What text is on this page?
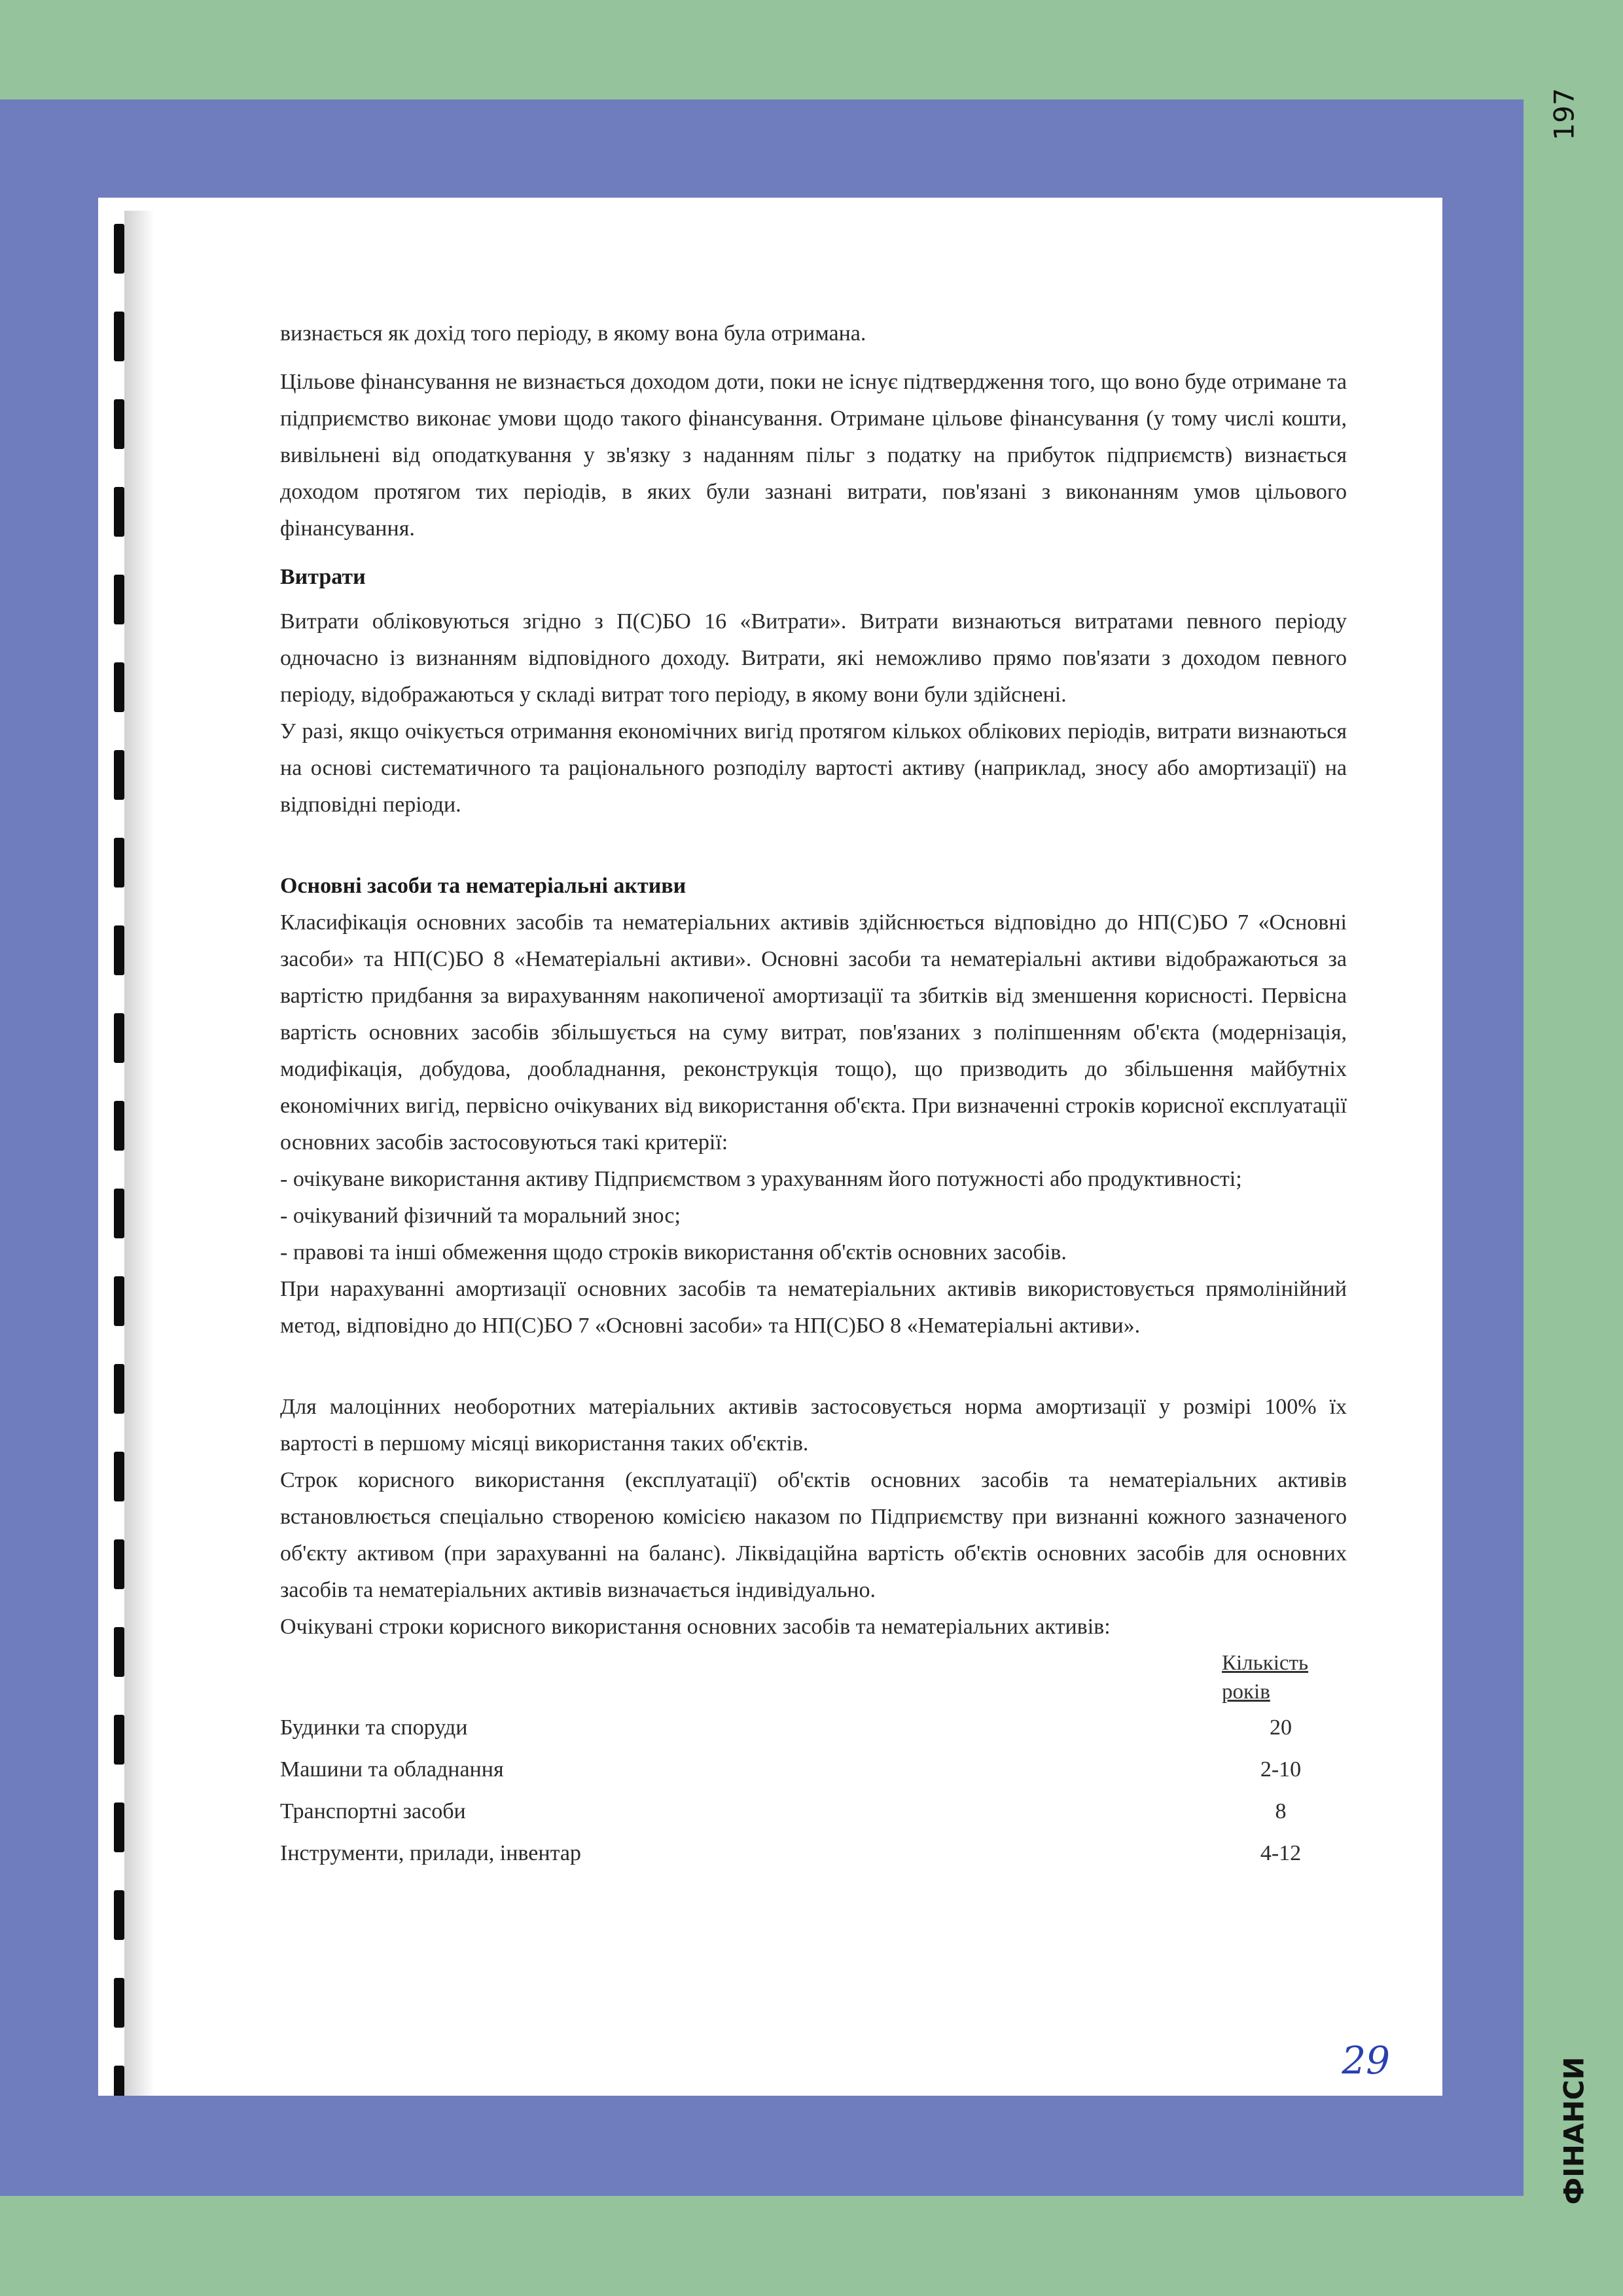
197
ФІНАНСИ

визнається як дохід того періоду, в якому вона була отримана.

Цільове фінансування не визнається доходом доти, поки не існує підтвердження того, що воно буде отримане та підприємство виконає умови щодо такого фінансування. Отримане цільове фінансування (у тому числі кошти, вивільнені від оподаткування у зв'язку з наданням пільг з податку на прибуток підприємств) визнається доходом протягом тих періодів, в яких були зазнані витрати, пов'язані з виконанням умов цільового фінансування.

Витрати

Витрати обліковуються згідно з П(С)БО 16 «Витрати». Витрати визнаються витратами певного періоду одночасно із визнанням відповідного доходу. Витрати, які неможливо прямо пов'язати з доходом певного періоду, відображаються у складі витрат того періоду, в якому вони були здійснені.

У разі, якщо очікується отримання економічних вигід протягом кількох облікових періодів, витрати визнаються на основі систематичного та раціонального розподілу вартості активу (наприклад, зносу або амортизації) на відповідні періоди.

Основні засоби та нематеріальні активи

Класифікація основних засобів та нематеріальних активів здійснюється відповідно до НП(С)БО 7 «Основні засоби» та НП(С)БО 8 «Нематеріальні активи». Основні засоби та нематеріальні активи відображаються за вартістю придбання за вирахуванням накопиченої амортизації та збитків від зменшення корисності. Первісна вартість основних засобів збільшується на суму витрат, пов'язаних з поліпшенням об'єкта (модернізація, модифікація, добудова, дообладнання, реконструкція тощо), що призводить до збільшення майбутніх економічних вигід, первісно очікуваних від використання об'єкта. При визначенні строків корисної експлуатації основних засобів застосовуються такі критерії:

- очікуване використання активу Підприємством з урахуванням його потужності або продуктивності;

- очікуваний фізичний та моральний знос;

- правові та інші обмеження щодо строків використання об'єктів основних засобів.

При нарахуванні амортизації основних засобів та нематеріальних активів використовується прямолінійний метод, відповідно до НП(С)БО 7 «Основні засоби» та НП(С)БО 8 «Нематеріальні активи».

Для малоцінних необоротних матеріальних активів застосовується норма амортизації у розмірі 100% їх вартості в першому місяці використання таких об'єктів.

Строк корисного використання (експлуатації) об'єктів основних засобів та нематеріальних активів встановлюється спеціально створеною комісією наказом по Підприємству при визнанні кожного зазначеного об'єкту активом (при зарахуванні на баланс). Ліквідаційна вартість об'єктів основних засобів для основних засобів та нематеріальних активів визначається індивідуально.

Очікувані строки корисного використання основних засобів та нематеріальних активів:

	Кількість років
Будинки та споруди	20
Машини та обладнання	2-10
Транспортні засоби	8
Інструменти, прилади, інвентар	4-12
29
